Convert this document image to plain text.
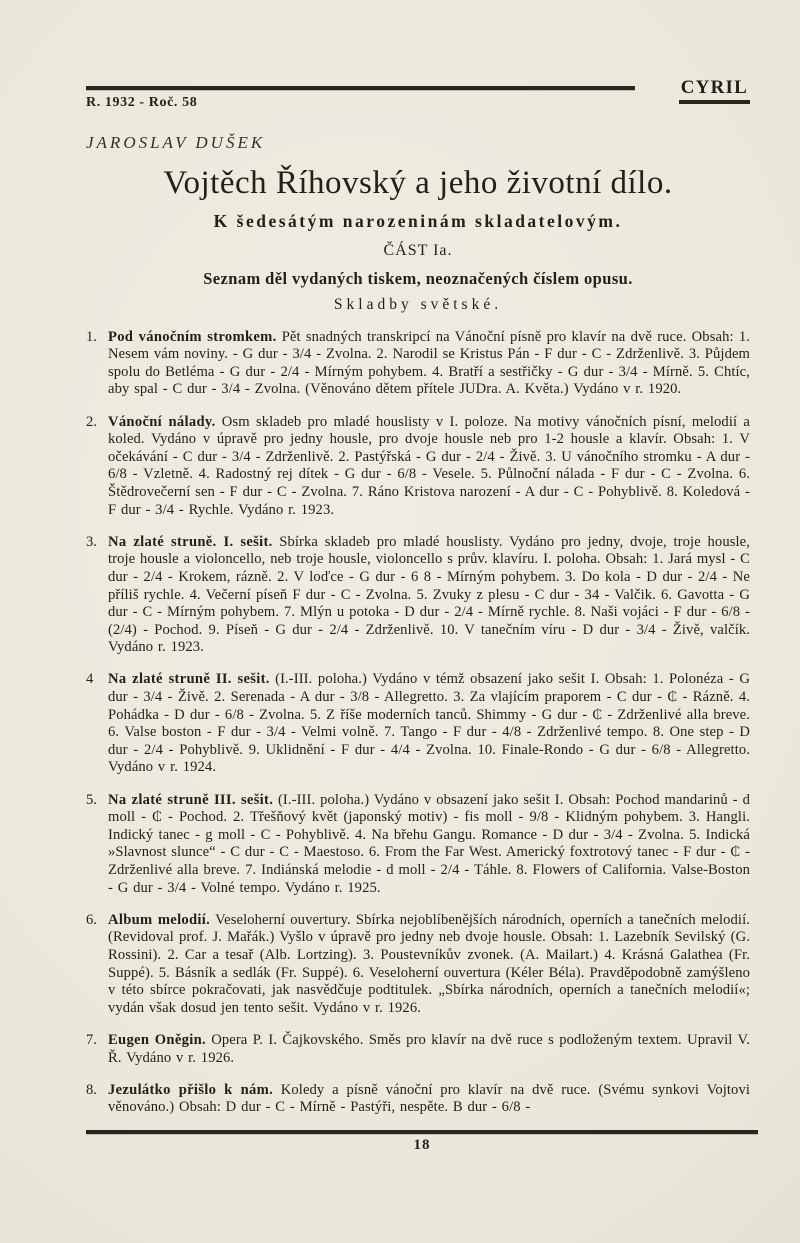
R. 1932 - Roč. 58
CYRIL
JAROSLAV DUŠEK
Vojtěch Říhovský a jeho životní dílo.
K šedesátým narozeninám skladatelovým.
ČÁST Ia.
Seznam děl vydaných tiskem, neoznačených číslem opusu.
Skladby světské.

1. Pod vánočním stromkem. Pět snadných transkripcí na Vánoční písně pro klavír na dvě ruce. Obsah: 1. Nesem vám noviny. - G dur - 3/4 - Zvolna. 2. Narodil se Kristus Pán - F dur - C - Zdrženlivě. 3. Půjdem spolu do Betléma - G dur - 2/4 - Mírným pohybem. 4. Bratří a sestřičky - G dur - 3/4 - Mírně. 5. Chtíc, aby spal - C dur - 3/4 - Zvolna. (Věnováno dětem přítele JUDra. A. Květa.) Vydáno v r. 1920.

2. Vánoční nálady. Osm skladeb pro mladé houslisty v I. poloze. Na motivy vánočních písní, melodií a koled. Vydáno v úpravě pro jedny housle, pro dvoje housle neb pro 1-2 housle a klavír. Obsah: 1. V očekávání - C dur - 3/4 - Zdrženlivě. 2. Pastýřská - G dur - 2/4 - Živě. 3. U vánočního stromku - A dur - 6/8 - Vzletně. 4. Radostný rej dítek - G dur - 6/8 - Vesele. 5. Půlnoční nálada - F dur - C - Zvolna. 6. Štědrovečerní sen - F dur - C - Zvolna. 7. Ráno Kristova narození - A dur - C - Pohyblivě. 8. Koledová - F dur - 3/4 - Rychle. Vydáno r. 1923.

3. Na zlaté struně. I. sešit. Sbírka skladeb pro mladé houslisty. Vydáno pro jedny, dvoje, troje housle, troje housle a violoncello, neb troje housle, violoncello s prův. klavíru. I. poloha. Obsah: 1. Jará mysl - C dur - 2/4 - Krokem, rázně. 2. V loďce - G dur - 6 8 - Mírným pohybem. 3. Do kola - D dur - 2/4 - Ne příliš rychle. 4. Večerní píseň F dur - C - Zvolna. 5. Zvuky z plesu - C dur - 34 - Valčik. 6. Gavotta - G dur - C - Mírným pohybem. 7. Mlýn u potoka - D dur - 2/4 - Mírně rychle. 8. Naši vojáci - F dur - 6/8 - (2/4) - Pochod. 9. Píseň - G dur - 2/4 - Zdrženlivě. 10. V tanečním víru - D dur - 3/4 - Živě, valčík. Vydáno r. 1923.

4 Na zlaté struně II. sešit. (I.-III. poloha.) Vydáno v témž obsazení jako sešit I. Obsah: 1. Polonéza - G dur - 3/4 - Živě. 2. Serenada - A dur - 3/8 - Allegretto. 3. Za vlajícím praporem - C dur - ₵ - Rázně. 4. Pohádka - D dur - 6/8 - Zvolna. 5. Z říše moderních tanců. Shimmy - G dur - ₵ - Zdrženlivé alla breve. 6. Valse boston - F dur - 3/4 - Velmi volně. 7. Tango - F dur - 4/8 - Zdrženlivé tempo. 8. One step - D dur - 2/4 - Pohyblivě. 9. Uklidnění - F dur - 4/4 - Zvolna. 10. Finale-Rondo - G dur - 6/8 - Allegretto. Vydáno v r. 1924.

5. Na zlaté struně III. sešit. (I.-III. poloha.) Vydáno v obsazení jako sešit I. Obsah: Pochod mandarinů - d moll - ₵ - Pochod. 2. Třešňový květ (japonský motiv) - fis moll - 9/8 - Klidným pohybem. 3. Hangli. Indický tanec - g moll - C - Pohyblivě. 4. Na břehu Gangu. Romance - D dur - 3/4 - Zvolna. 5. Indická »Slavnost slunce“ - C dur - C - Maestoso. 6. From the Far West. Americký foxtrotový tanec - F dur - ₵ - Zdrženlivé alla breve. 7. Indiánská melodie - d moll - 2/4 - Táhle. 8. Flowers of California. Valse-Boston - G dur - 3/4 - Volné tempo. Vydáno r. 1925.

6. Album melodií. Veseloherní ouvertury. Sbírka nejoblíbenějších národních, operních a tanečních melodií. (Revidoval prof. J. Mařák.) Vyšlo v úpravě pro jedny neb dvoje housle. Obsah: 1. Lazebník Sevilský (G. Rossini). 2. Car a tesař (Alb. Lortzing). 3. Poustevníkův zvonek. (A. Mailart.) 4. Krásná Galathea (Fr. Suppé). 5. Básník a sedlák (Fr. Suppé). 6. Veseloherní ouvertura (Kéler Béla). Pravděpodobně zamýšleno v této sbírce pokračovati, jak nasvědčuje podtitulek. „Sbírka národních, operních a tanečních melodií«; vydán však dosud jen tento sešit. Vydáno v r. 1926.

7. Eugen Oněgin. Opera P. I. Čajkovského. Směs pro klavír na dvě ruce s podloženým textem. Upravil V. Ř. Vydáno v r. 1926.

8. Jezulátko přišlo k nám. Koledy a písně vánoční pro klavír na dvě ruce. (Svému synkovi Vojtovi věnováno.) Obsah: D dur - C - Mírně - Pastýři, nespěte. B dur - 6/8 -

18
